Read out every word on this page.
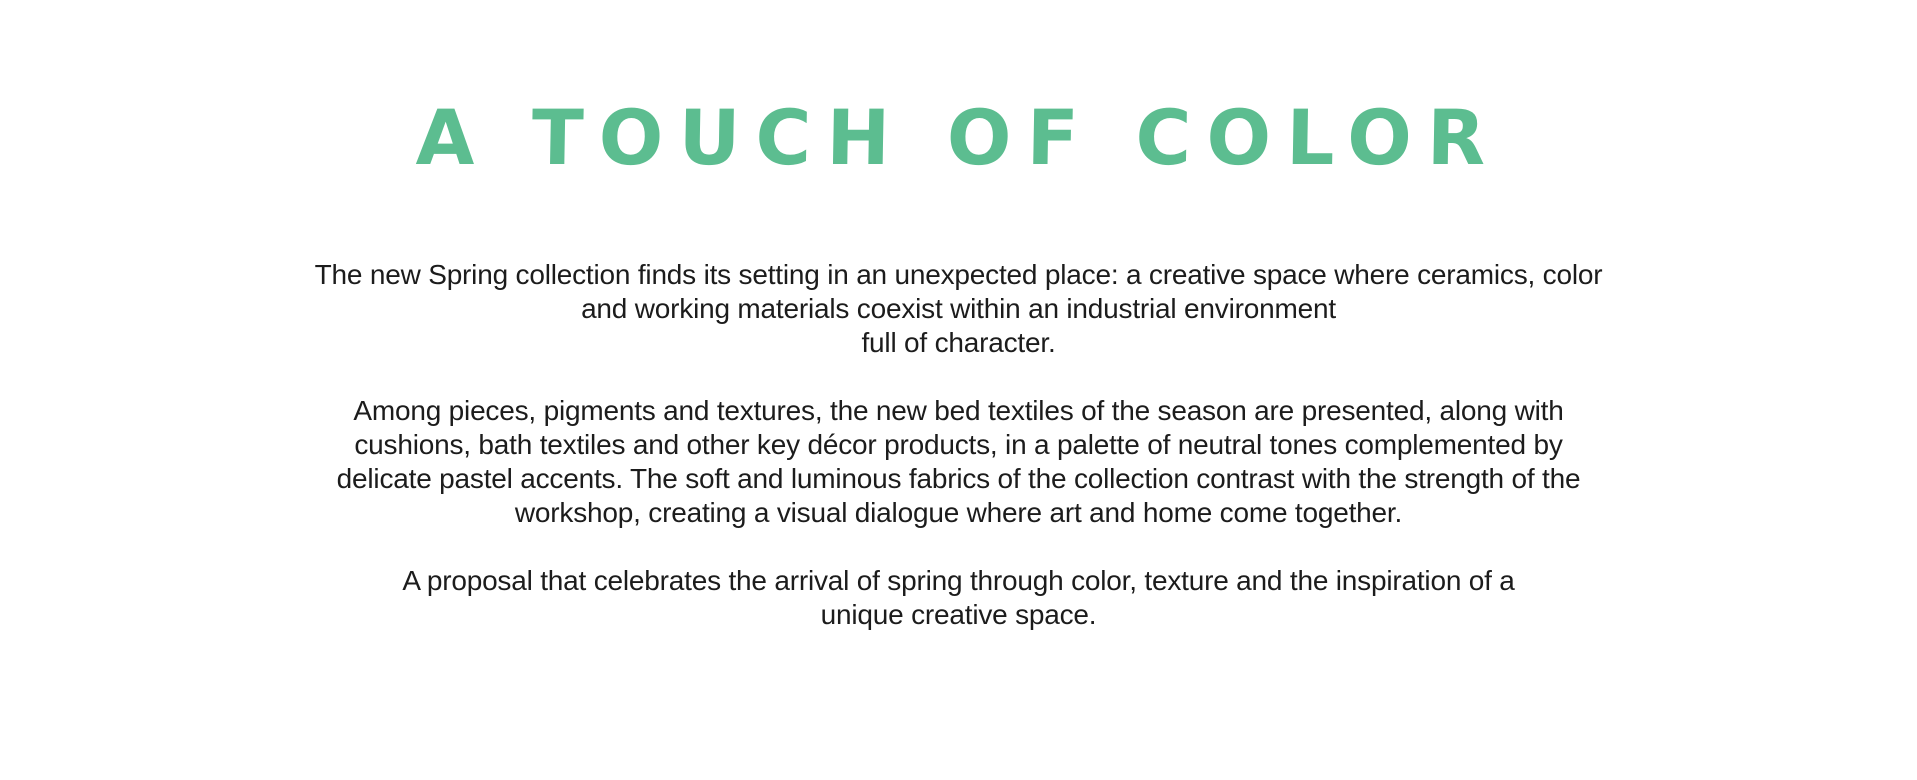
A TOUCH OF COLOR

The new Spring collection finds its setting in an unexpected place: a creative space where ceramics, color
and working materials coexist within an industrial environment
full of character.

Among pieces, pigments and textures, the new bed textiles of the season are presented, along with
cushions, bath textiles and other key décor products, in a palette of neutral tones complemented by
delicate pastel accents. The soft and luminous fabrics of the collection contrast with the strength of the
workshop, creating a visual dialogue where art and home come together.

A proposal that celebrates the arrival of spring through color, texture and the inspiration of a
unique creative space.
